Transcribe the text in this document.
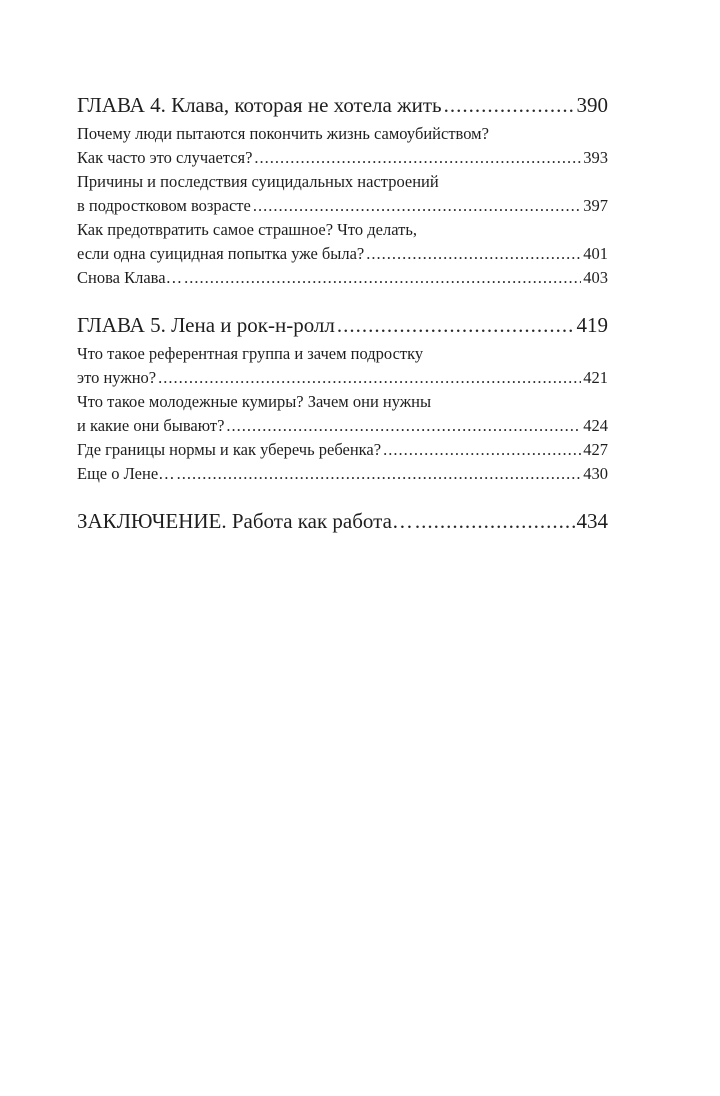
ГЛАВА 4. Клава, которая не хотела жить .....	390
Почему люди пытаются покончить жизнь самоубийством?
Как часто это случается? .....	393
Причины и последствия суицидальных настроений
в подростковом возрасте .....	397
Как предотвратить самое страшное? Что делать,
если одна суицидная попытка уже была? .....	401
Снова Клава… .....	403
ГЛАВА 5. Лена и рок-н-ролл .....	419
Что такое референтная группа и зачем подростку
это нужно? .....	421
Что такое молодежные кумиры? Зачем они нужны
и какие они бывают? .....	424
Где границы нормы и как уберечь ребенка? .....	427
Еще о Лене… .....	430
ЗАКЛЮЧЕНИЕ. Работа как работа… .....	434
